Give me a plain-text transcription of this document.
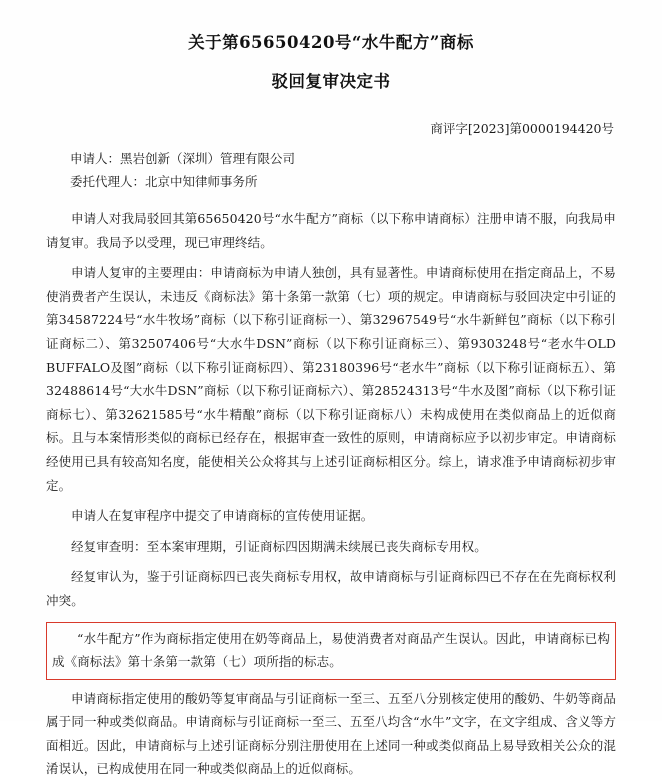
关于第65650420号“水牛配方”商标
驳回复审决定书
商评字[2023]第0000194420号
申请人：黑岩创新（深圳）管理有限公司
委托代理人：北京中知律师事务所

申请人对我局驳回其第65650420号“水牛配方”商标（以下称申请商标）注册申请不服，向我局申请复审。我局予以受理，现已审理终结。

申请人复审的主要理由：申请商标为申请人独创，具有显著性。申请商标使用在指定商品上，不易使消费者产生误认，未违反《商标法》第十条第一款第（七）项的规定。申请商标与驳回决定中引证的第34587224号“水牛牧场”商标（以下称引证商标一）、第32967549号“水牛新鲜包”商标（以下称引证商标二）、第32507406号“大水牛DSN”商标（以下称引证商标三）、第9303248号“老水牛OLD BUFFALO及图”商标（以下称引证商标四）、第23180396号“老水牛”商标（以下称引证商标五）、第32488614号“大水牛DSN”商标（以下称引证商标六）、第28524313号“牛水及图”商标（以下称引证商标七）、第32621585号“水牛精酿”商标（以下称引证商标八）未构成使用在类似商品上的近似商标。且与本案情形类似的商标已经存在，根据审查一致性的原则，申请商标应予以初步审定。申请商标经使用已具有较高知名度，能使相关公众将其与上述引证商标相区分。综上，请求准予申请商标初步审定。

申请人在复审程序中提交了申请商标的宣传使用证据。

经复审查明：至本案审理期，引证商标四因期满未续展已丧失商标专用权。

经复审认为，鉴于引证商标四已丧失商标专用权，故申请商标与引证商标四已不存在在先商标权利冲突。

“水牛配方”作为商标指定使用在奶等商品上，易使消费者对商品产生误认。因此，申请商标已构成《商标法》第十条第一款第（七）项所指的标志。

申请商标指定使用的酸奶等复审商品与引证商标一至三、五至八分别核定使用的酸奶、牛奶等商品属于同一种或类似商品。申请商标与引证商标一至三、五至八均含“水牛”文字，在文字组成、含义等方面相近。因此，申请商标与上述引证商标分别注册使用在上述同一种或类似商品上易导致相关公众的混淆误认，已构成使用在同一种或类似商品上的近似商标。
